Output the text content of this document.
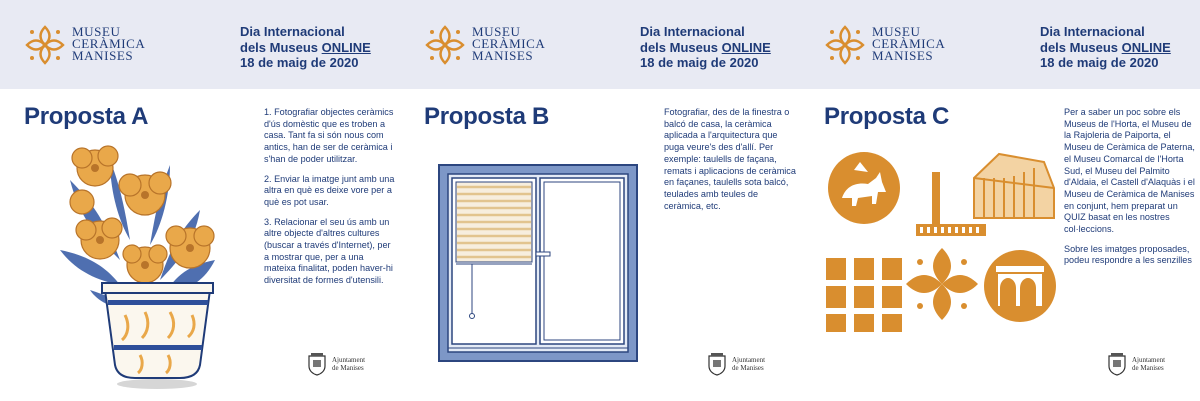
MUSEU
CERÀMICA
MANISES
Dia Internacional
dels Museus ONLINE
18 de maig de 2020
Proposta A	1. Fotografiar objectes ceràmics d'ús domèstic que es troben a casa. Tant fa si són nous com antics, han de ser de ceràmica i s'han de poder utilitzar.

2. Enviar la imatge junt amb una altra en què es deixe vore per a què es pot usar.

3. Relacionar el seu ús amb un altre objecte d'altres cultures (buscar a través d'Internet), per a mostrar que, per a una mateixa finalitat, poden haver-hi diversitat de formes d'utensili.

Ajuntament
de Manises
MUSEU
CERÀMICA
MANISES
Dia Internacional
dels Museus ONLINE
18 de maig de 2020
Proposta B	Fotografiar, des de la finestra o balcó de casa, la ceràmica aplicada a l'arquitectura que puga veure's des d'allí. Per exemple: taulells de façana, remats i aplicacions de ceràmica en façanes, taulells sota balcó, teulades amb teules de ceràmica, etc.

Ajuntament
de Manises
MUSEU
CERÀMICA
MANISES
Dia Internacional
dels Museus ONLINE
18 de maig de 2020
Proposta C	Per a saber un poc sobre els Museus de l'Horta, el Museu de la Rajoleria de Paiporta, el Museu de Ceràmica de Paterna, el Museu Comarcal de l'Horta Sud, el Museu del Palmito d'Aldaia, el Castell d'Alaquàs i el Museu de Ceràmica de Manises en conjunt, hem preparat un QUIZ basat en les nostres col·leccions.

Sobre les imatges proposades, podeu respondre a les senzilles

Ajuntament
de Manises
